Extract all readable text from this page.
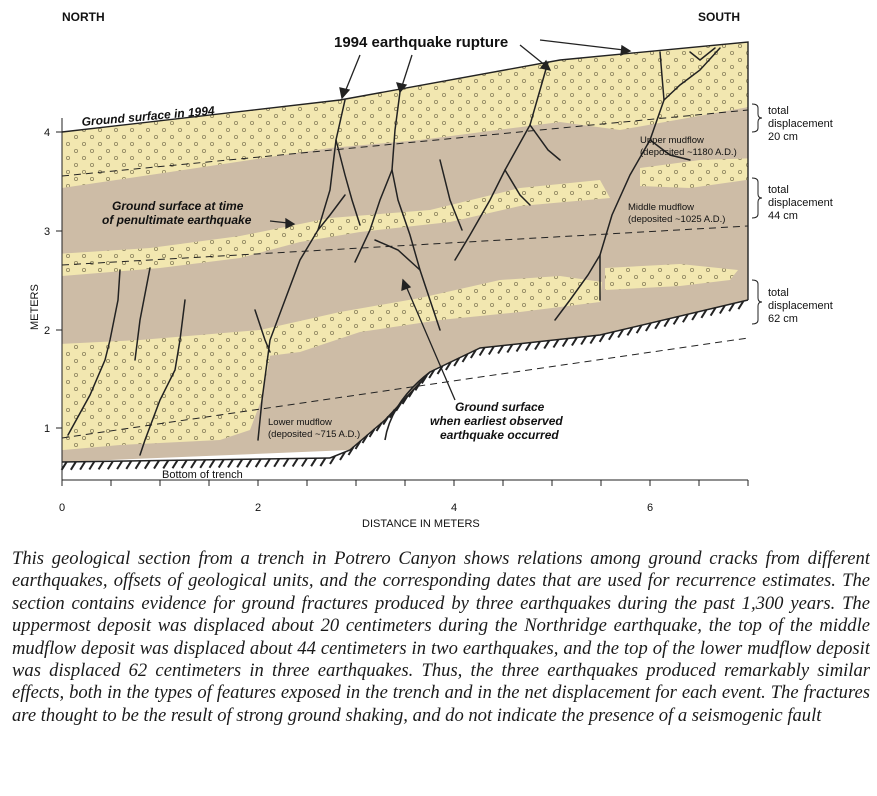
1
2
3
4
0	2	4	6
NORTH	SOUTH
1994 earthquake rupture
Ground surface in 1994
Ground surface at time
of penultimate earthquake
Upper mudflow
(deposited ~1180 A.D.)
Middle mudflow
(deposited ~1025 A.D.)
Lower mudflow
(deposited ~715 A.D.)
Ground surface
when earliest observed
earthquake occurred
total
displacement
20 cm
total
displacement
44 cm
total
displacement
62 cm
Bottom of trench
METERS
DISTANCE IN METERS

This geological section from a trench in Potrero Canyon shows relations among ground cracks from different earthquakes, offsets of geological units, and the corresponding dates that are used for recurrence estimates. The section contains evidence for ground fractures produced by three earthquakes during the past 1,300 years. The uppermost deposit was displaced about 20 centimeters during the Northridge earthquake, the top of the middle mudflow deposit was displaced about 44 centimeters in two earthquakes, and the top of the lower mudflow deposit was displaced 62 centimeters in three earthquakes. Thus, the three earthquakes produced remarkably similar effects, both in the types of features exposed in the trench and in the net displacement for each event. The fractures are thought to be the result of strong ground shaking, and do not indicate the presence of a seismogenic fault
